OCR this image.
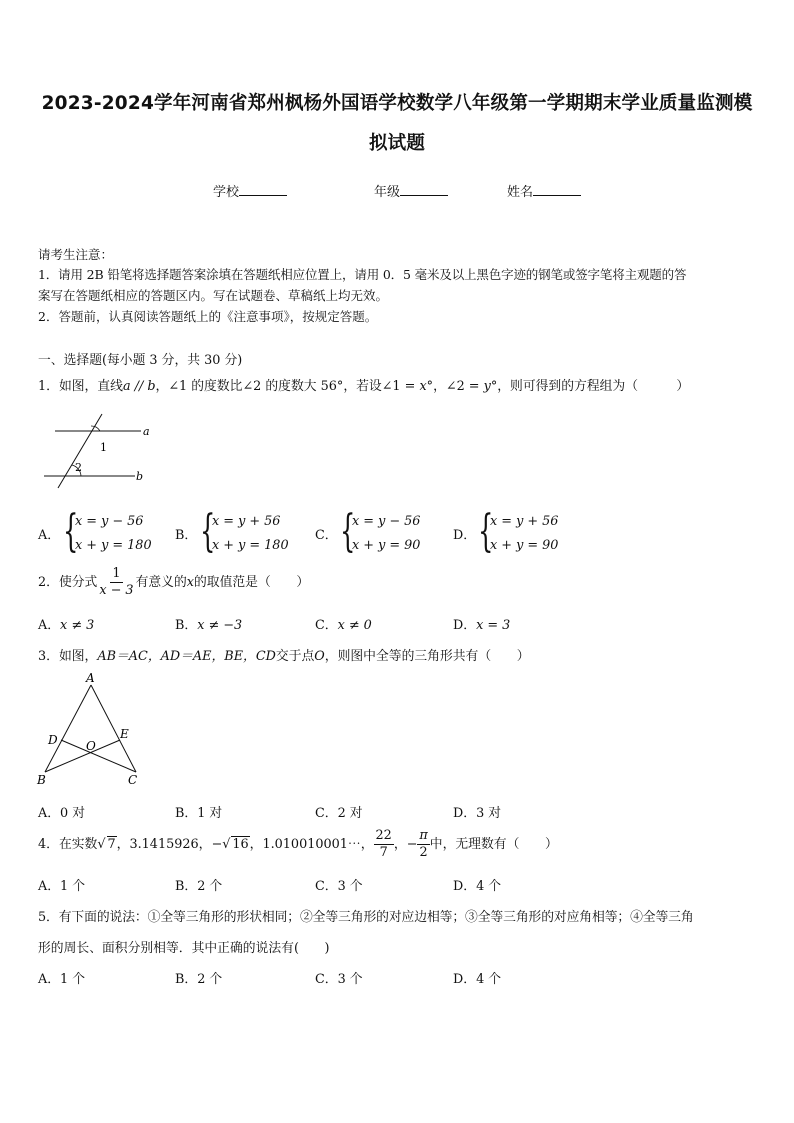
2023-2024学年河南省郑州枫杨外国语学校数学八年级第一学期期末学业质量监测模
拟试题
学校	年级	姓名
请考生注意：
1．请用 2B 铅笔将选择题答案涂填在答题纸相应位置上，请用 0．5 毫米及以上黑色字迹的钢笔或签字笔将主观题的答
案写在答题纸相应的答题区内。写在试题卷、草稿纸上均无效。
2．答题前，认真阅读答题纸上的《注意事项》，按规定答题。
一、选择题(每小题 3 分，共 30 分)
1．如图，直线a // b，∠1 的度数比∠2 的度数大 56°，若设∠1 = x°，∠2 = y°，则可得到的方程组为（　　　）
a
b
1
2
A． {
x = y − 56
x + y = 180
B． {
x = y + 56
x + y = 180
C． {
x = y − 56
x + y = 90
D． {
x = y + 56
x + y = 90
2．使分式 $\frac{1}{x - 3}$ 有意义的x的取值范是（　　）
A．x ≠ 3	B．x ≠ −3	C．x ≠ 0	D．x = 3
3．如图，AB＝AC，AD＝AE，BE，CD交于点O，则图中全等的三角形共有（　　）
A
B	C
D	E
O
A．0 对	B．1 对	C．2 对	D．3 对
4．在实数√ 7，3.1415926，−√ 16，1.010010001⋯， $\frac{22}{7}$ ，− $\frac{\pi}{2}$ 中，无理数有（　　）
A．1 个	B．2 个	C．3 个	D．4 个
5．有下面的说法：①全等三角形的形状相同；②全等三角形的对应边相等；③全等三角形的对应角相等；④全等三角
形的周长、面积分别相等．其中正确的说法有(　　)
A．1 个	B．2 个	C．3 个	D．4 个
